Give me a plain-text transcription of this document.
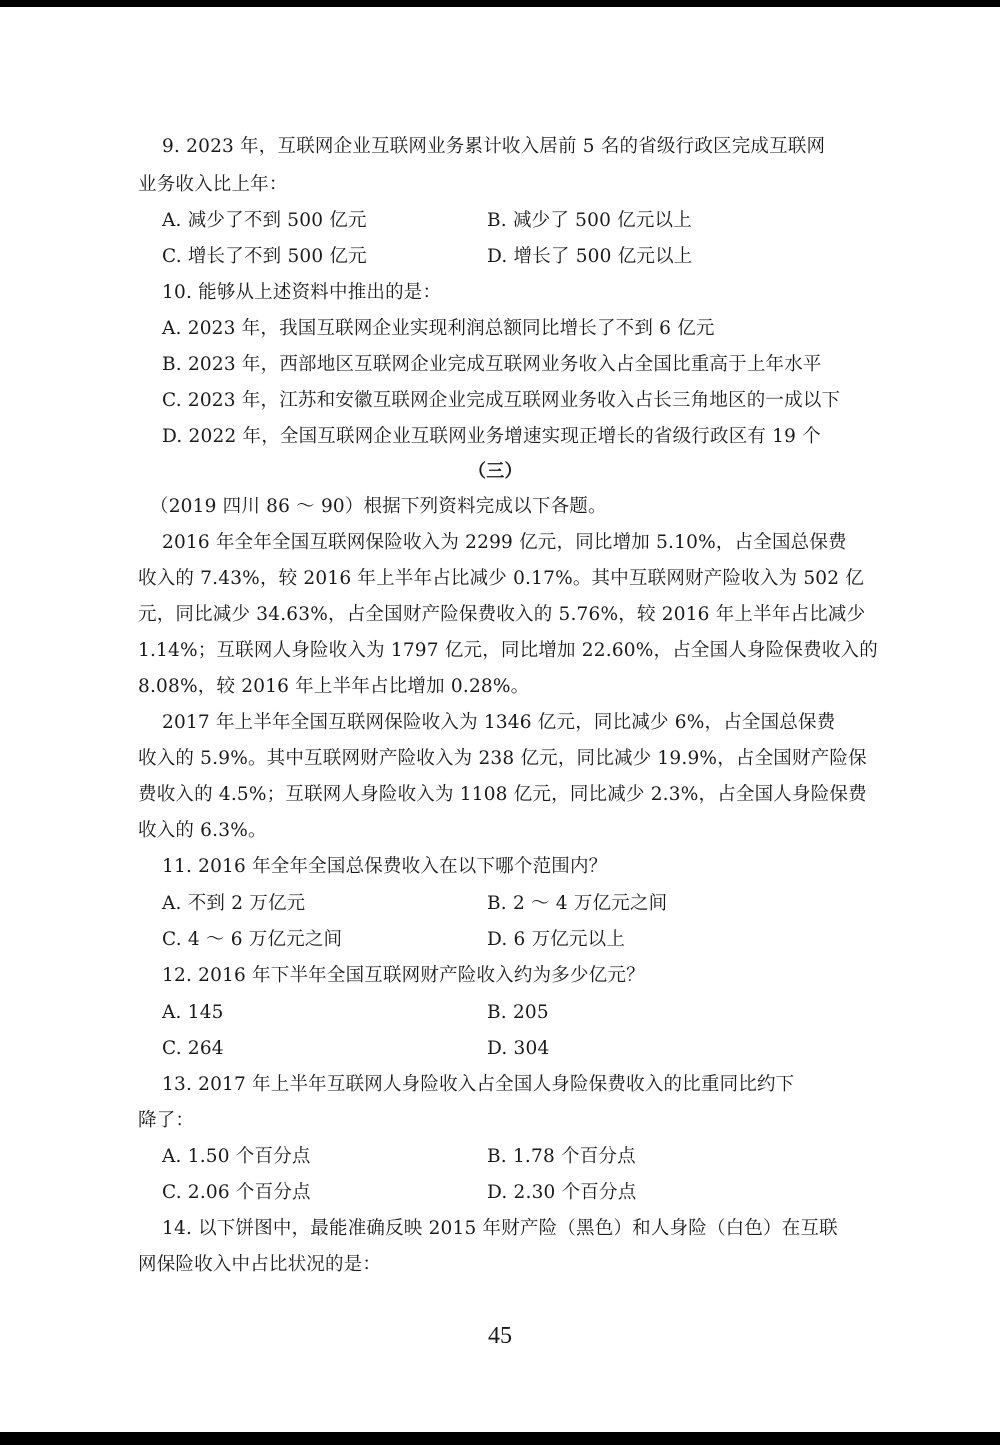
9. 2023 年，互联网企业互联网业务累计收入居前 5 名的省级行政区完成互联网
业务收入比上年：
A. 减少了不到 500 亿元	B. 减少了 500 亿元以上
C. 增长了不到 500 亿元	D. 增长了 500 亿元以上
10. 能够从上述资料中推出的是：
A. 2023 年，我国互联网企业实现利润总额同比增长了不到 6 亿元
B. 2023 年，西部地区互联网企业完成互联网业务收入占全国比重高于上年水平
C. 2023 年，江苏和安徽互联网企业完成互联网业务收入占长三角地区的一成以下
D. 2022 年，全国互联网企业互联网业务增速实现正增长的省级行政区有 19 个
（三）
（2019 四川 86 ～ 90）根据下列资料完成以下各题。
2016 年全年全国互联网保险收入为 2299 亿元，同比增加 5.10%，占全国总保费
收入的 7.43%，较 2016 年上半年占比减少 0.17%。其中互联网财产险收入为 502 亿
元，同比减少 34.63%，占全国财产险保费收入的 5.76%，较 2016 年上半年占比减少
1.14%；互联网人身险收入为 1797 亿元，同比增加 22.60%，占全国人身险保费收入的
8.08%，较 2016 年上半年占比增加 0.28%。
2017 年上半年全国互联网保险收入为 1346 亿元，同比减少 6%，占全国总保费
收入的 5.9%。其中互联网财产险收入为 238 亿元，同比减少 19.9%，占全国财产险保
费收入的 4.5%；互联网人身险收入为 1108 亿元，同比减少 2.3%，占全国人身险保费
收入的 6.3%。
11. 2016 年全年全国总保费收入在以下哪个范围内？
A. 不到 2 万亿元	B. 2 ～ 4 万亿元之间
C. 4 ～ 6 万亿元之间	D. 6 万亿元以上
12. 2016 年下半年全国互联网财产险收入约为多少亿元？
A. 145	B. 205
C. 264	D. 304
13. 2017 年上半年互联网人身险收入占全国人身险保费收入的比重同比约下
降了：
A. 1.50 个百分点	B. 1.78 个百分点
C. 2.06 个百分点	D. 2.30 个百分点
14. 以下饼图中，最能准确反映 2015 年财产险（黑色）和人身险（白色）在互联
网保险收入中占比状况的是：
45
